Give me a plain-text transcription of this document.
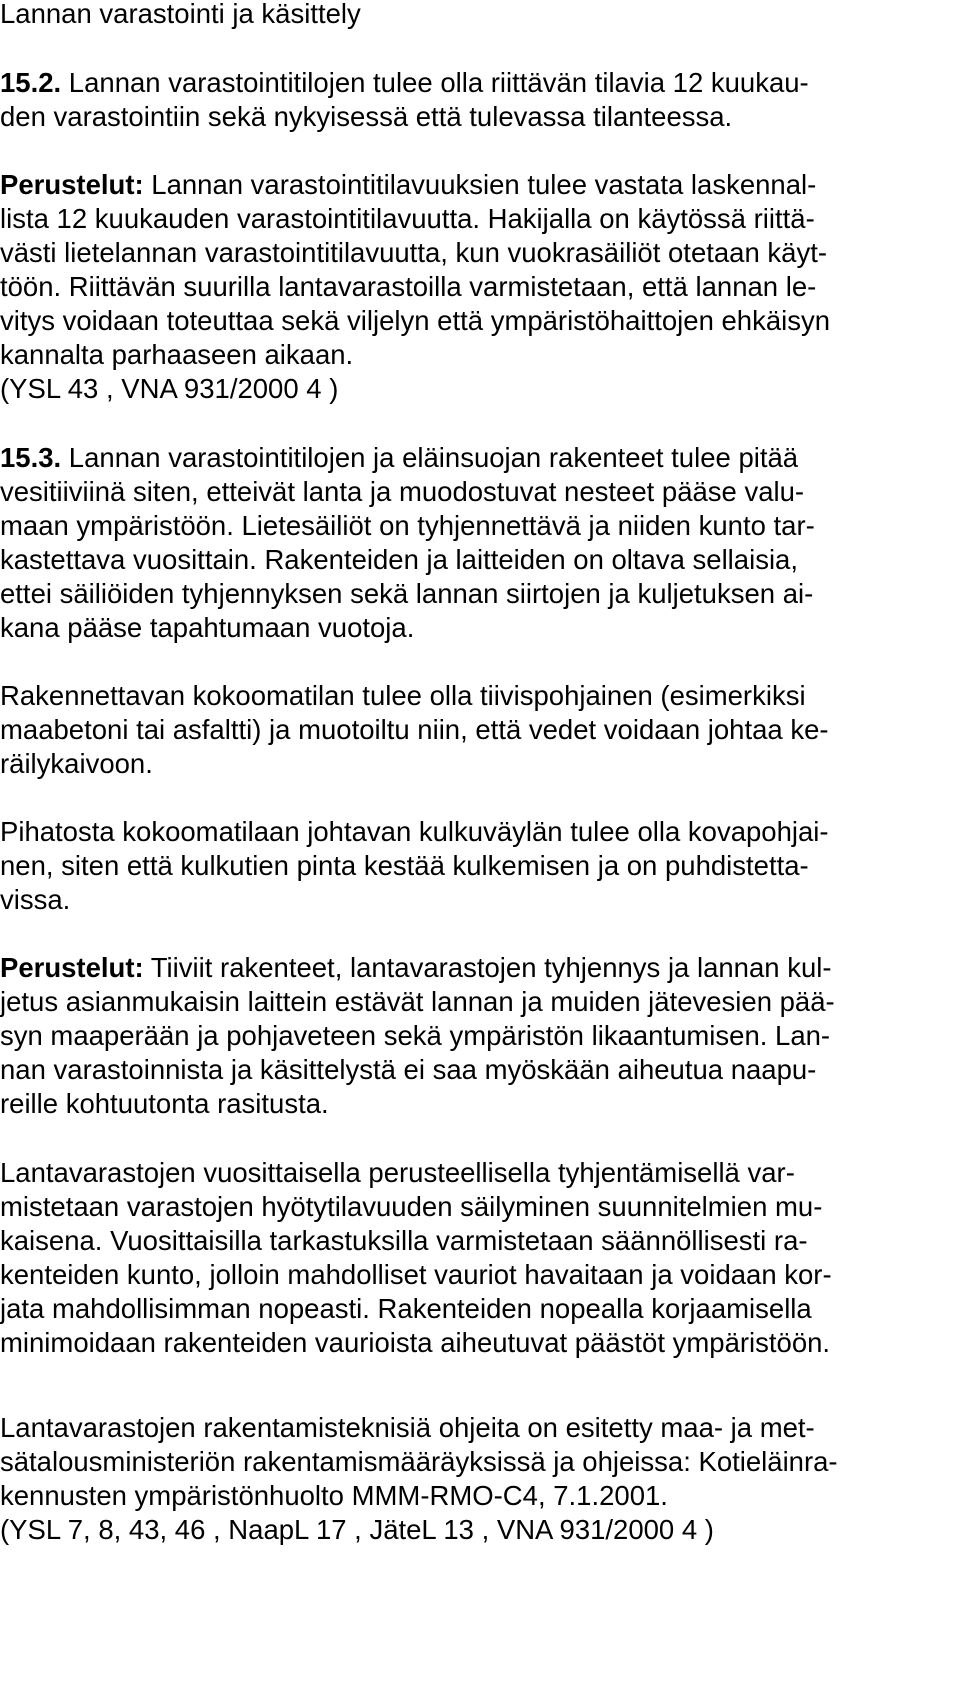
Lannan varastointi ja käsittely
15.2. Lannan varastointitilojen tulee olla riittävän tilavia 12 kuukau-
den varastointiin sekä nykyisessä että tulevassa tilanteessa.
Perustelut: Lannan varastointitilavuuksien tulee vastata laskennal-
lista 12 kuukauden varastointitilavuutta. Hakijalla on käytössä riittä-
västi lietelannan varastointitilavuutta, kun vuokrasäiliöt otetaan käyt-
töön. Riittävän suurilla lantavarastoilla varmistetaan, että lannan le-
vitys voidaan toteuttaa sekä viljelyn että ympäristöhaittojen ehkäisyn
kannalta parhaaseen aikaan.
(YSL 43 , VNA 931/2000 4 )
15.3. Lannan varastointitilojen ja eläinsuojan rakenteet tulee pitää
vesitiiviinä siten, etteivät lanta ja muodostuvat nesteet pääse valu-
maan ympäristöön. Lietesäiliöt on tyhjennettävä ja niiden kunto tar-
kastettava vuosittain. Rakenteiden ja laitteiden on oltava sellaisia,
ettei säiliöiden tyhjennyksen sekä lannan siirtojen ja kuljetuksen ai-
kana pääse tapahtumaan vuotoja.
Rakennettavan kokoomatilan tulee olla tiivispohjainen (esimerkiksi
maabetoni tai asfaltti) ja muotoiltu niin, että vedet voidaan johtaa ke-
räilykaivoon.
Pihatosta kokoomatilaan johtavan kulkuväylän tulee olla kovapohjai-
nen, siten että kulkutien pinta kestää kulkemisen ja on puhdistetta-
vissa.
Perustelut: Tiiviit rakenteet, lantavarastojen tyhjennys ja lannan kul-
jetus asianmukaisin laittein estävät lannan ja muiden jätevesien pää-
syn maaperään ja pohjaveteen sekä ympäristön likaantumisen. Lan-
nan varastoinnista ja käsittelystä ei saa myöskään aiheutua naapu-
reille kohtuutonta rasitusta.
Lantavarastojen vuosittaisella perusteellisella tyhjentämisellä var-
mistetaan varastojen hyötytilavuuden säilyminen suunnitelmien mu-
kaisena. Vuosittaisilla tarkastuksilla varmistetaan säännöllisesti ra-
kenteiden kunto, jolloin mahdolliset vauriot havaitaan ja voidaan kor-
jata mahdollisimman nopeasti. Rakenteiden nopealla korjaamisella
minimoidaan rakenteiden vaurioista aiheutuvat päästöt ympäristöön.
Lantavarastojen rakentamisteknisiä ohjeita on esitetty maa- ja met-
sätalousministeriön rakentamismääräyksissä ja ohjeissa: Kotieläinra-
kennusten ympäristönhuolto MMM-RMO-C4, 7.1.2001.
(YSL 7, 8, 43, 46 , NaapL 17 , JäteL 13 , VNA 931/2000 4 )
